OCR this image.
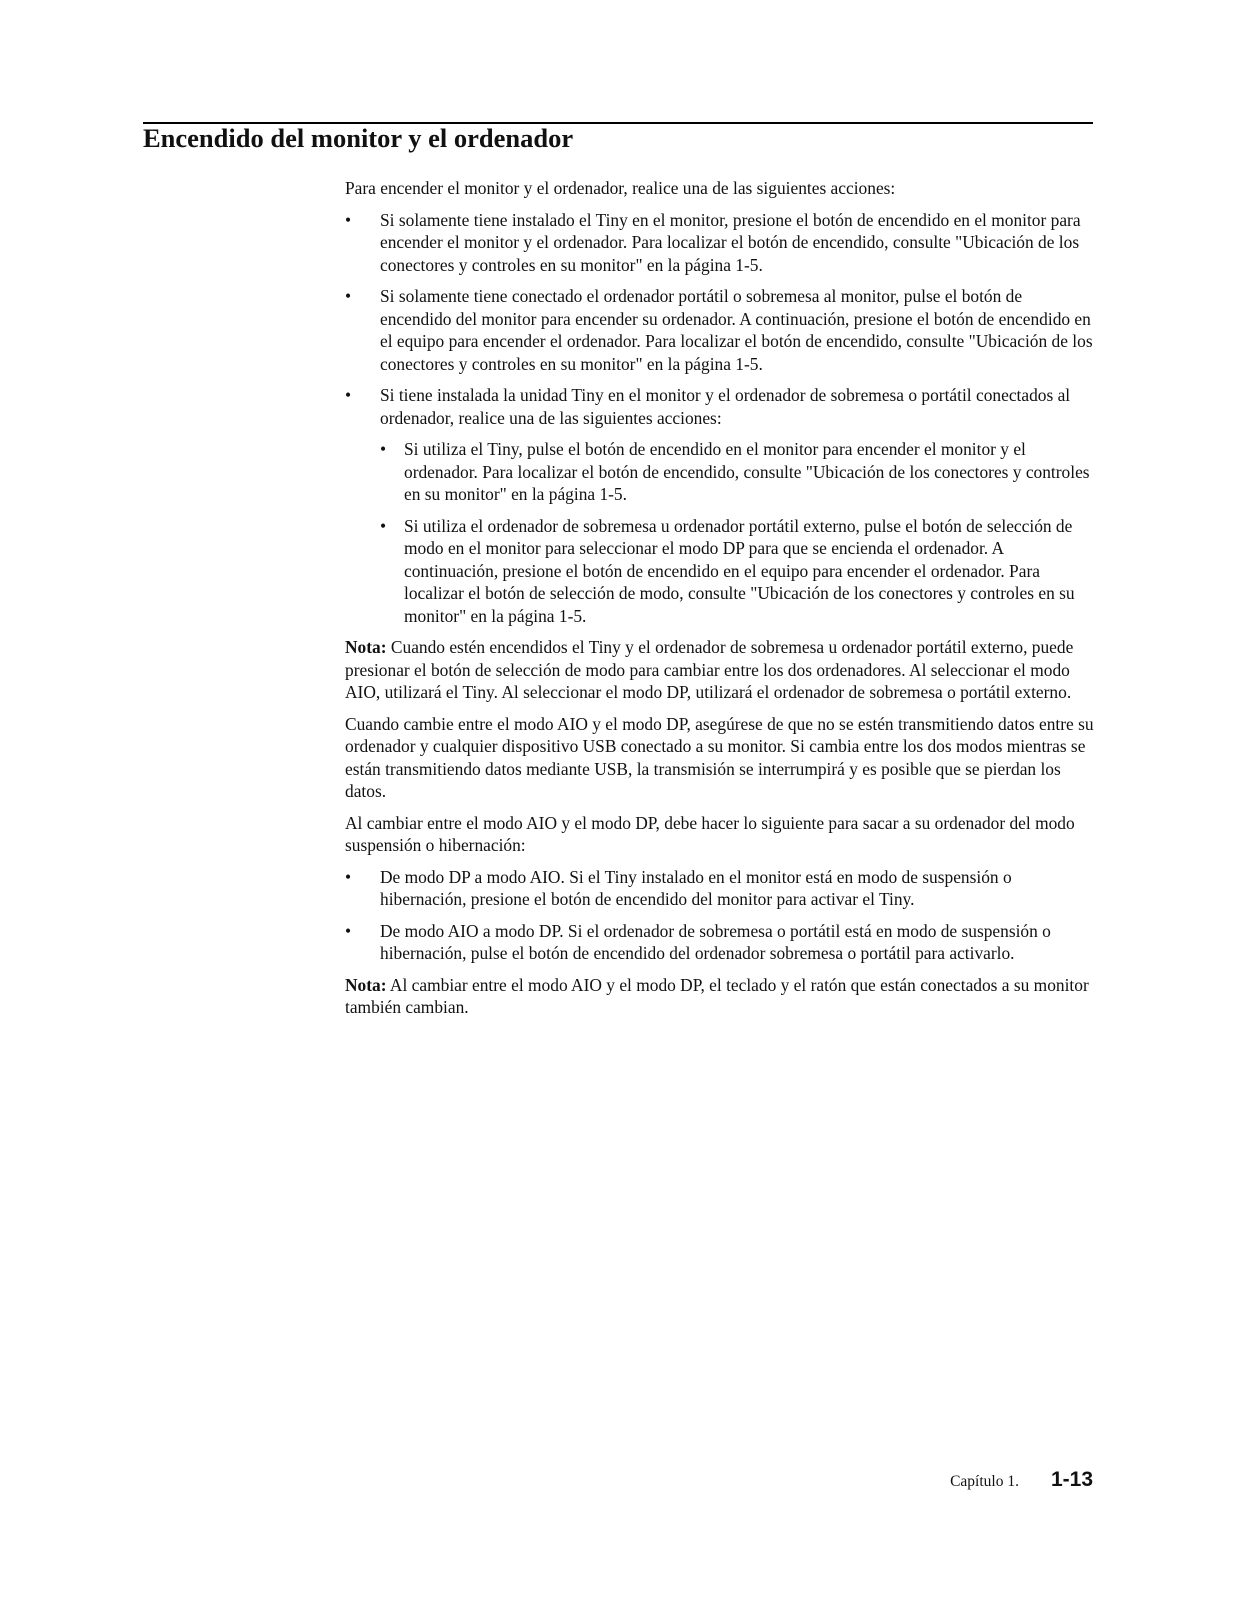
Encendido del monitor y el ordenador

Para encender el monitor y el ordenador, realice una de las siguientes acciones:

• Si solamente tiene instalado el Tiny en el monitor, presione el botón de encendido en el monitor para encender el monitor y el ordenador. Para localizar el botón de encendido, consulte "Ubicación de los conectores y controles en su monitor" en la página 1-5.
• Si solamente tiene conectado el ordenador portátil o sobremesa al monitor, pulse el botón de encendido del monitor para encender su ordenador. A continuación, presione el botón de encendido en el equipo para encender el ordenador. Para localizar el botón de encendido, consulte "Ubicación de los conectores y controles en su monitor" en la página 1-5.
• Si tiene instalada la unidad Tiny en el monitor y el ordenador de sobremesa o portátil conectados al ordenador, realice una de las siguientes acciones:
• Si utiliza el Tiny, pulse el botón de encendido en el monitor para encender el monitor y el ordenador. Para localizar el botón de encendido, consulte "Ubicación de los conectores y controles en su monitor" en la página 1-5.
• Si utiliza el ordenador de sobremesa u ordenador portátil externo, pulse el botón de selección de modo en el monitor para seleccionar el modo DP para que se encienda el ordenador. A continuación, presione el botón de encendido en el equipo para encender el ordenador. Para localizar el botón de selección de modo, consulte "Ubicación de los conectores y controles en su monitor" en la página 1-5.

Nota: Cuando estén encendidos el Tiny y el ordenador de sobremesa u ordenador portátil externo, puede presionar el botón de selección de modo para cambiar entre los dos ordenadores. Al seleccionar el modo AIO, utilizará el Tiny. Al seleccionar el modo DP, utilizará el ordenador de sobremesa o portátil externo.

Cuando cambie entre el modo AIO y el modo DP, asegúrese de que no se estén transmitiendo datos entre su ordenador y cualquier dispositivo USB conectado a su monitor. Si cambia entre los dos modos mientras se están transmitiendo datos mediante USB, la transmisión se interrumpirá y es posible que se pierdan los datos.

Al cambiar entre el modo AIO y el modo DP, debe hacer lo siguiente para sacar a su ordenador del modo suspensión o hibernación:

• De modo DP a modo AIO. Si el Tiny instalado en el monitor está en modo de suspensión o hibernación, presione el botón de encendido del monitor para activar el Tiny.
• De modo AIO a modo DP. Si el ordenador de sobremesa o portátil está en modo de suspensión o hibernación, pulse el botón de encendido del ordenador sobremesa o portátil para activarlo.

Nota: Al cambiar entre el modo AIO y el modo DP, el teclado y el ratón que están conectados a su monitor también cambian.

Capítulo 1. 1-13
